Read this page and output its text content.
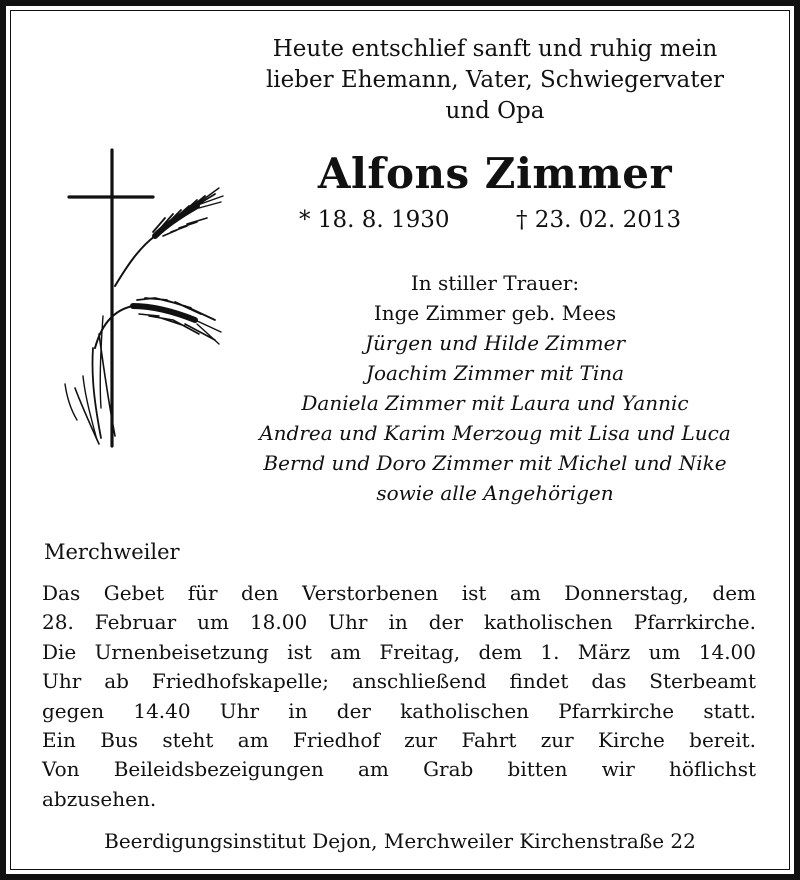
Heute entschlief sanft und ruhig mein
lieber Ehemann, Vater, Schwiegervater
und Opa
Alfons Zimmer
* 18. 8. 1930	† 23. 02. 2013
In stiller Trauer:
Inge Zimmer geb. Mees
Jürgen und Hilde Zimmer
Joachim Zimmer mit Tina
Daniela Zimmer mit Laura und Yannic
Andrea und Karim Merzoug mit Lisa und Luca
Bernd und Doro Zimmer mit Michel und Nike
sowie alle Angehörigen
Merchweiler
Das Gebet für den Verstorbenen ist am Donnerstag, dem
28. Februar um 18.00 Uhr in der katholischen Pfarrkirche.
Die Urnenbeisetzung ist am Freitag, dem 1. März um 14.00
Uhr ab Friedhofskapelle; anschließend findet das Sterbeamt
gegen 14.40 Uhr in der katholischen Pfarrkirche statt.
Ein Bus steht am Friedhof zur Fahrt zur Kirche bereit.
Von Beileidsbezeigungen am Grab bitten wir höflichst
abzusehen.
Beerdigungsinstitut Dejon, Merchweiler Kirchenstraße 22
